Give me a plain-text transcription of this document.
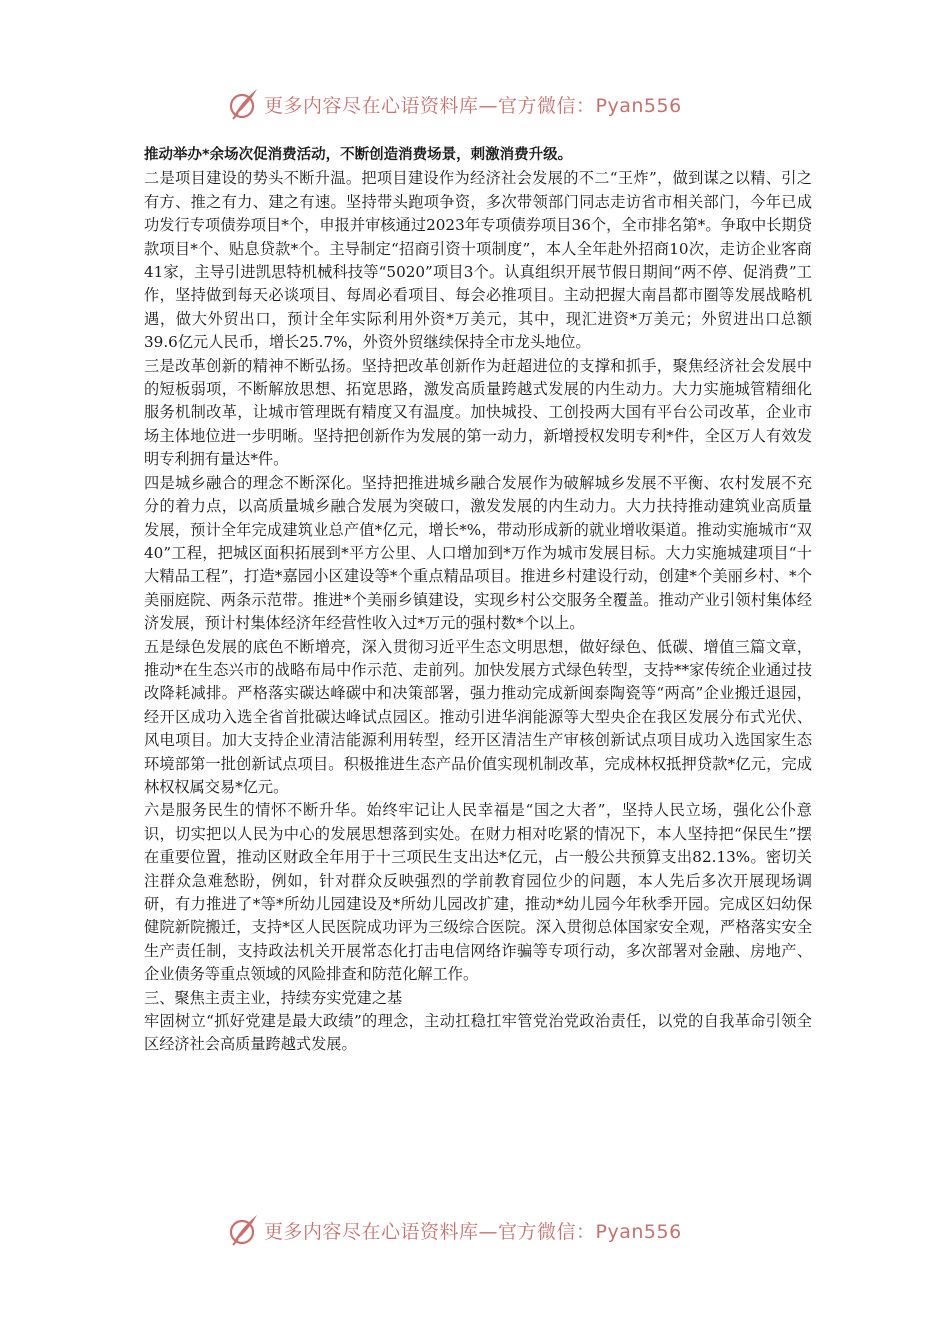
更多内容尽在心语资料库—官方微信：Pyan556

推动举办*余场次促消费活动，不断创造消费场景，刺激消费升级。

二是项目建设的势头不断升温。把项目建设作为经济社会发展的不二“王炸”，做到谋之以精、引之有方、推之有力、建之有速。坚持带头跑项争资，多次带领部门同志走访省市相关部门，今年已成功发行专项债券项目*个，申报并审核通过2023年专项债券项目36个，全市排名第*。争取中长期贷款项目*个、贴息贷款*个。主导制定“招商引资十项制度”，本人全年赴外招商10次，走访企业客商41家，主导引进凯思特机械科技等“5020”项目3个。认真组织开展节假日期间“两不停、促消费”工作，坚持做到每天必谈项目、每周必看项目、每会必推项目。主动把握大南昌都市圈等发展战略机遇，做大外贸出口，预计全年实际利用外资*万美元，其中，现汇进资*万美元；外贸进出口总额39.6亿元人民币，增长25.7%，外资外贸继续保持全市龙头地位。

三是改革创新的精神不断弘扬。坚持把改革创新作为赶超进位的支撑和抓手，聚焦经济社会发展中的短板弱项，不断解放思想、拓宽思路，激发高质量跨越式发展的内生动力。大力实施城管精细化服务机制改革，让城市管理既有精度又有温度。加快城投、工创投两大国有平台公司改革，企业市场主体地位进一步明晰。坚持把创新作为发展的第一动力，新增授权发明专利*件，全区万人有效发明专利拥有量达*件。

四是城乡融合的理念不断深化。坚持把推进城乡融合发展作为破解城乡发展不平衡、农村发展不充分的着力点，以高质量城乡融合发展为突破口，激发发展的内生动力。大力扶持推动建筑业高质量发展，预计全年完成建筑业总产值*亿元，增长*%，带动形成新的就业增收渠道。推动实施城市“双40”工程，把城区面积拓展到*平方公里、人口增加到*万作为城市发展目标。大力实施城建项目“十大精品工程”，打造*嘉园小区建设等*个重点精品项目。推进乡村建设行动，创建*个美丽乡村、*个美丽庭院、两条示范带。推进*个美丽乡镇建设，实现乡村公交服务全覆盖。推动产业引领村集体经济发展，预计村集体经济年经营性收入过*万元的强村数*个以上。

五是绿色发展的底色不断增亮，深入贯彻习近平生态文明思想，做好绿色、低碳、增值三篇文章，推动*在生态兴市的战略布局中作示范、走前列。加快发展方式绿色转型，支持**家传统企业通过技改降耗减排。严格落实碳达峰碳中和决策部署，强力推动完成新闽泰陶瓷等“两高”企业搬迁退园，经开区成功入选全省首批碳达峰试点园区。推动引进华润能源等大型央企在我区发展分布式光伏、风电项目。加大支持企业清洁能源利用转型，经开区清洁生产审核创新试点项目成功入选国家生态环境部第一批创新试点项目。积极推进生态产品价值实现机制改革，完成林权抵押贷款*亿元，完成林权权属交易*亿元。

六是服务民生的情怀不断升华。始终牢记让人民幸福是“国之大者”，坚持人民立场，强化公仆意识，切实把以人民为中心的发展思想落到实处。在财力相对吃紧的情况下，本人坚持把“保民生”摆在重要位置，推动区财政全年用于十三项民生支出达*亿元，占一般公共预算支出82.13%。密切关注群众急难愁盼，例如，针对群众反映强烈的学前教育园位少的问题，本人先后多次开展现场调研，有力推进了*等*所幼儿园建设及*所幼儿园改扩建，推动*幼儿园今年秋季开园。完成区妇幼保健院新院搬迁，支持*区人民医院成功评为三级综合医院。深入贯彻总体国家安全观，严格落实安全生产责任制，支持政法机关开展常态化打击电信网络诈骗等专项行动，多次部署对金融、房地产、企业债务等重点领域的风险排查和防范化解工作。

三、聚焦主责主业，持续夯实党建之基

牢固树立“抓好党建是最大政绩”的理念，主动扛稳扛牢管党治党政治责任，以党的自我革命引领全区经济社会高质量跨越式发展。

更多内容尽在心语资料库—官方微信：Pyan556
